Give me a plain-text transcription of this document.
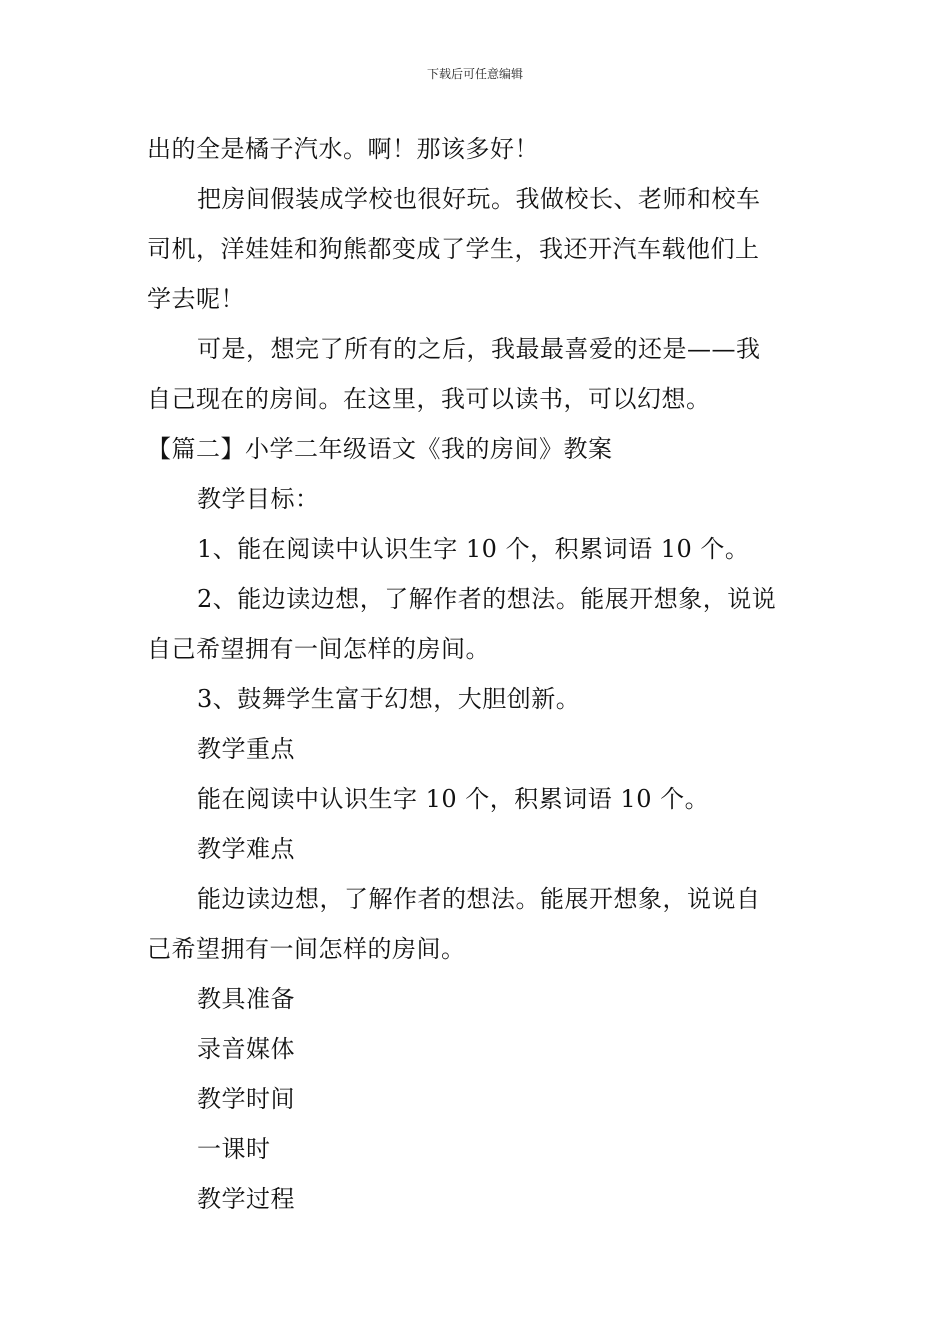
下载后可任意编辑
出的全是橘子汽水。啊！那该多好！
把房间假装成学校也很好玩。我做校长、老师和校车
司机，洋娃娃和狗熊都变成了学生，我还开汽车载他们上
学去呢！
可是，想完了所有的之后，我最最喜爱的还是——我
自己现在的房间。在这里，我可以读书，可以幻想。
【篇二】小学二年级语文《我的房间》教案
教学目标：
1、能在阅读中认识生字 10 个，积累词语 10 个。
2、能边读边想，了解作者的想法。能展开想象，说说
自己希望拥有一间怎样的房间。
3、鼓舞学生富于幻想，大胆创新。
教学重点
能在阅读中认识生字 10 个，积累词语 10 个。
教学难点
能边读边想，了解作者的想法。能展开想象，说说自
己希望拥有一间怎样的房间。
教具准备
录音媒体
教学时间
一课时
教学过程
